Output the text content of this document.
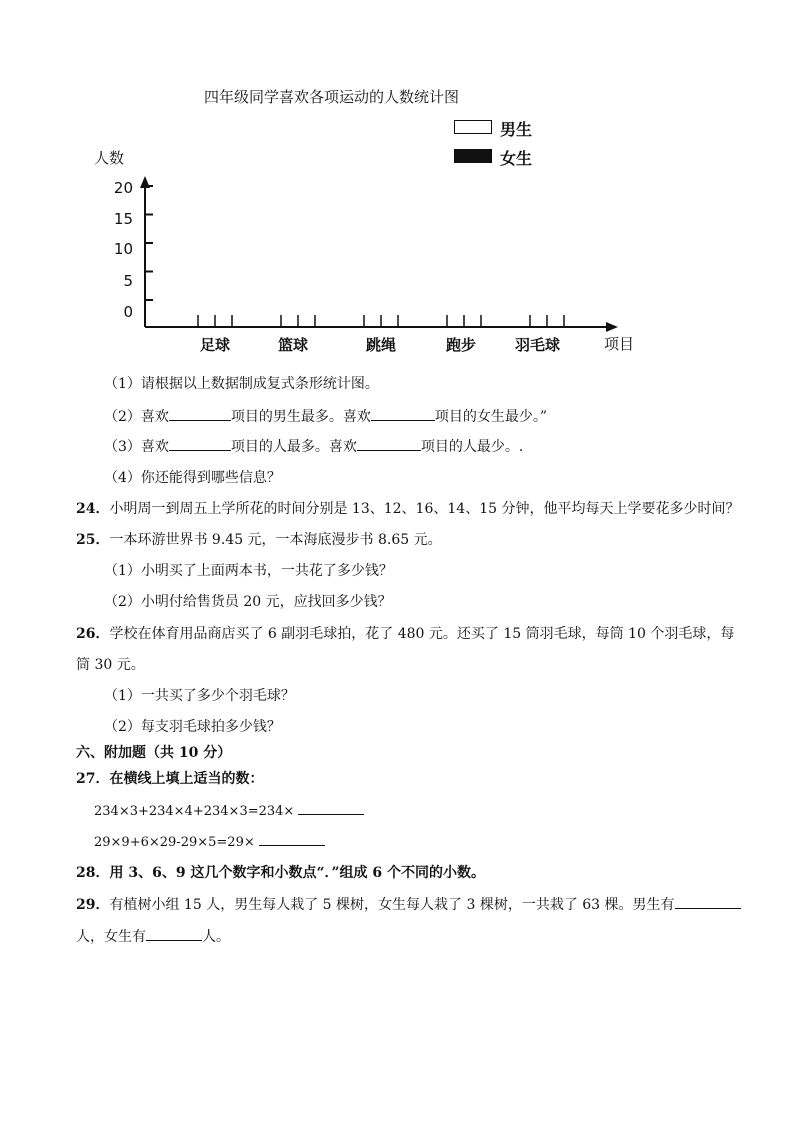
四年级同学喜欢各项运动的人数统计图
男生
女生
人数
0
5
10
15
20
足球	篮球	跳绳	跑步	羽毛球	项目
（1）请根据以上数据制成复式条形统计图。
（2）喜欢	项目的男生最多。喜欢	项目的女生最少。”
（3）喜欢	项目的人最多。喜欢	项目的人最少。.
（4）你还能得到哪些信息？
24．小明周一到周五上学所花的时间分别是 13、12、16、14、15 分钟，他平均每天上学要花多少时间？
25．一本环游世界书 9.45 元，一本海底漫步书 8.65 元。
（1）小明买了上面两本书，一共花了多少钱？
（2）小明付给售货员 20 元，应找回多少钱？
26．学校在体育用品商店买了 6 副羽毛球拍，花了 480 元。还买了 15 筒羽毛球，每筒 10 个羽毛球，每
筒 30 元。
（1）一共买了多少个羽毛球？
（2）每支羽毛球拍多少钱？
六、附加题（共 10 分）
27．在横线上填上适当的数：
234×3+234×4+234×3=234×
29×9+6×29-29×5=29×
28．用 3、6、9 这几个数字和小数点“．”组成 6 个不同的小数。
29．有植树小组 15 人，男生每人栽了 5 棵树，女生每人栽了 3 棵树，一共栽了 63 棵。男生有
人，女生有	人。
